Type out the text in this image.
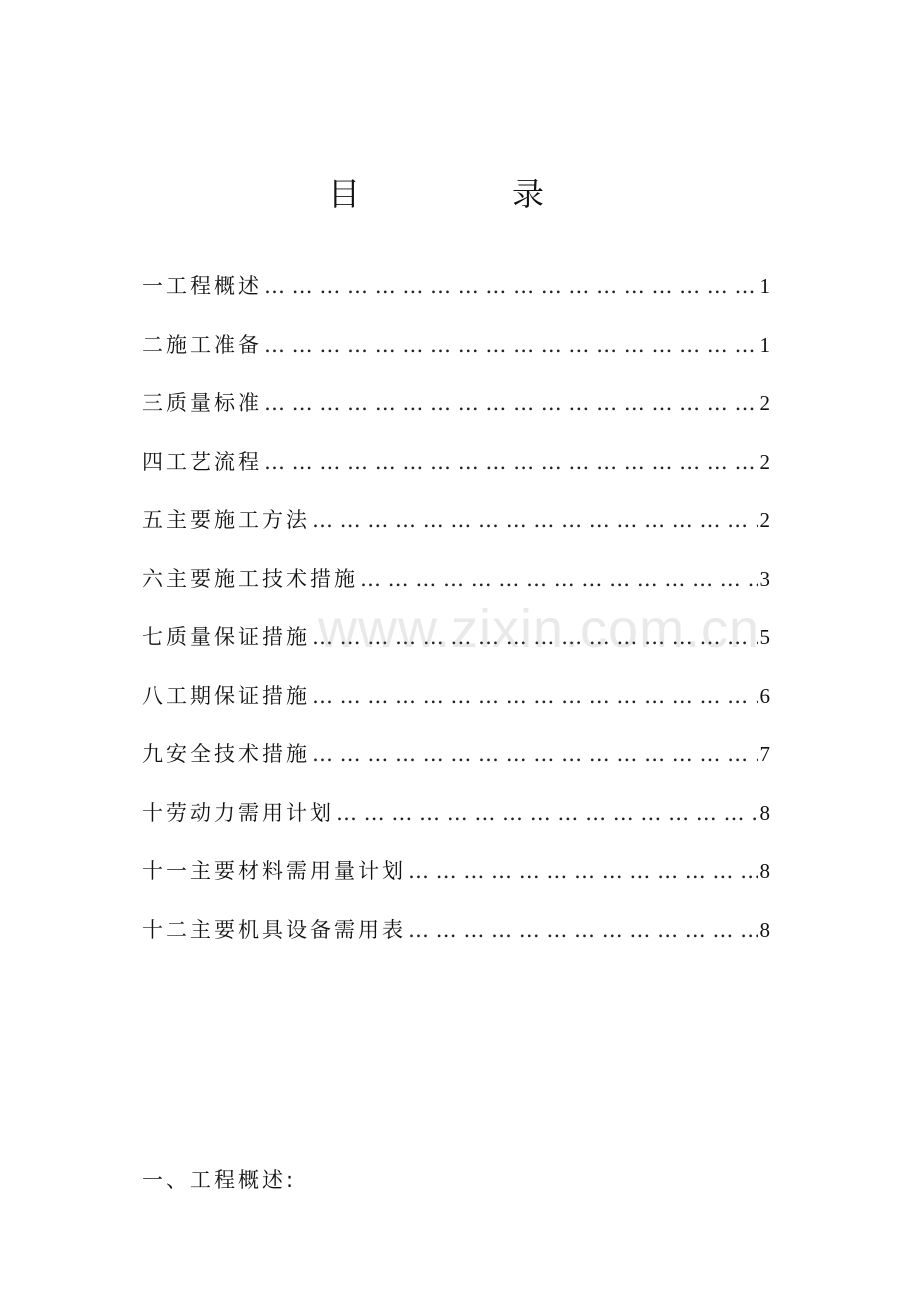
目	录
一工程概述 … … … … … … … … … … … … … … … … … … … … … … … … … … … … … … … … … … … … … … … …	1
二施工准备 … … … … … … … … … … … … … … … … … … … … … … … … … … … … … … … … … … … … … … … …	1
三质量标准 … … … … … … … … … … … … … … … … … … … … … … … … … … … … … … … … … … … … … … … …	2
四工艺流程 … … … … … … … … … … … … … … … … … … … … … … … … … … … … … … … … … … … … … … … …	2
五主要施工方法 … … … … … … … … … … … … … … … … … … … … … … … … … … … … … … … … … … … … … … … …	2
六主要施工技术措施 … … … … … … … … … … … … … … … … … … … … … … … … … … … … … … … … … … … … … … … …	3
七质量保证措施 … … … … … … … … … … … … … … … … … … … … … … … … … … … … … … … … … … … … … … … …	5
八工期保证措施 … … … … … … … … … … … … … … … … … … … … … … … … … … … … … … … … … … … … … … … …	6
九安全技术措施 … … … … … … … … … … … … … … … … … … … … … … … … … … … … … … … … … … … … … … … …	7
十劳动力需用计划 … … … … … … … … … … … … … … … … … … … … … … … … … … … … … … … … … … … … … … … …	8
十一主要材料需用量计划 … … … … … … … … … … … … … … … … … … … … … … … … … … … … … … … … … … … … … … … …	8
十二主要机具设备需用表 … … … … … … … … … … … … … … … … … … … … … … … … … … … … … … … … … … … … … … … …	8
www.zixin.com.cn
一、工程概述:
